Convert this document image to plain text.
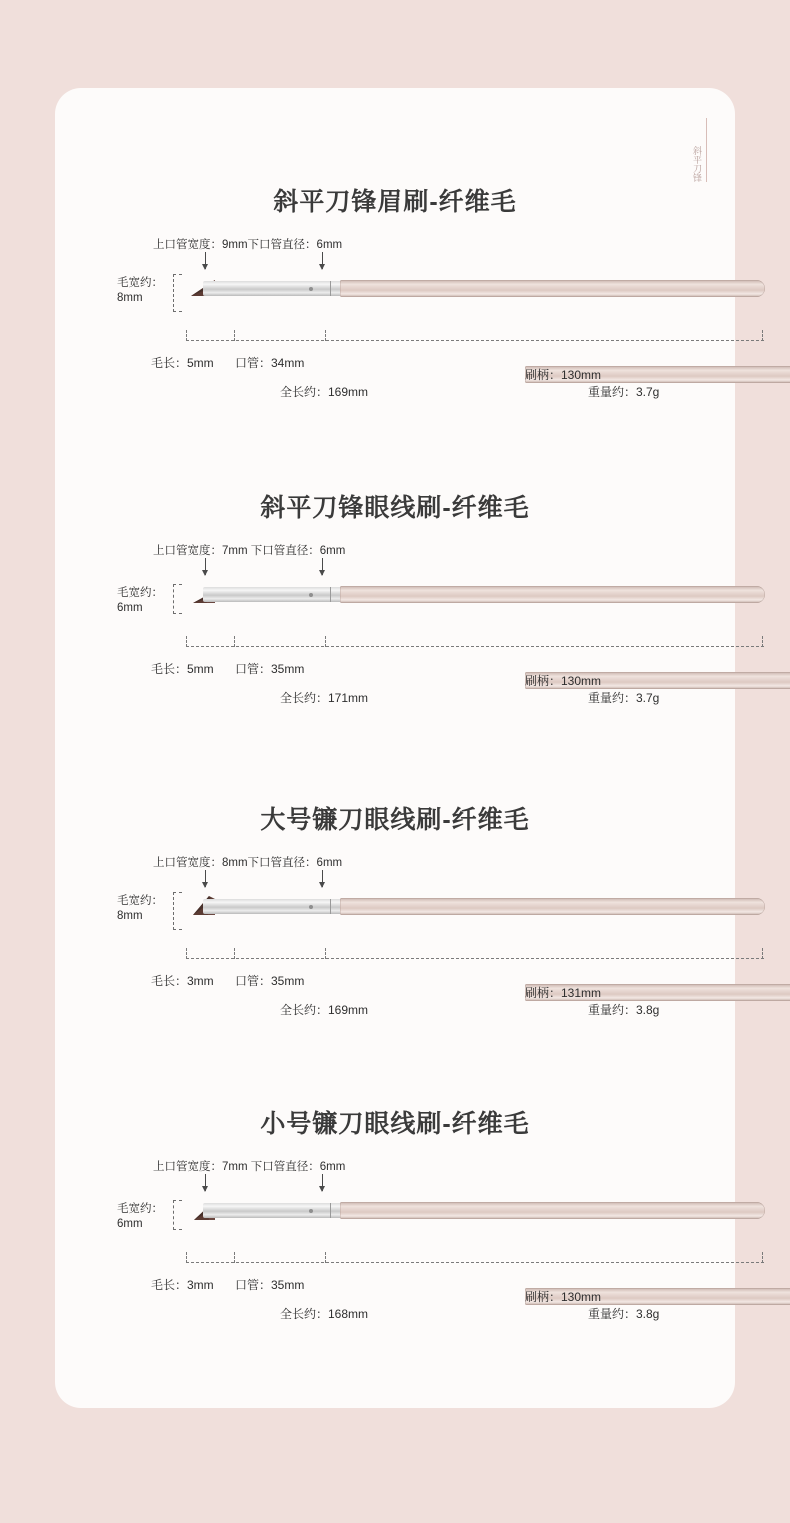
斜平刀锋
斜平刀锋眉刷-纤维毛
上口管宽度：9mm下口管直径：6mm
毛宽约：
8mm
毛长：5mm 口管：34mm
刷柄：130mm
全长约：169mm	重量约：3.7g
斜平刀锋眼线刷-纤维毛
上口管宽度：7mm 下口管直径：6mm
毛宽约：
6mm
毛长：5mm 口管：35mm
刷柄：130mm
全长约：171mm	重量约：3.7g
大号镰刀眼线刷-纤维毛
上口管宽度：8mm下口管直径：6mm
毛宽约：
8mm
毛长：3mm 口管：35mm
刷柄：131mm
全长约：169mm	重量约：3.8g
小号镰刀眼线刷-纤维毛
上口管宽度：7mm 下口管直径：6mm
毛宽约：
6mm
毛长：3mm 口管：35mm
刷柄：130mm
全长约：168mm	重量约：3.8g
